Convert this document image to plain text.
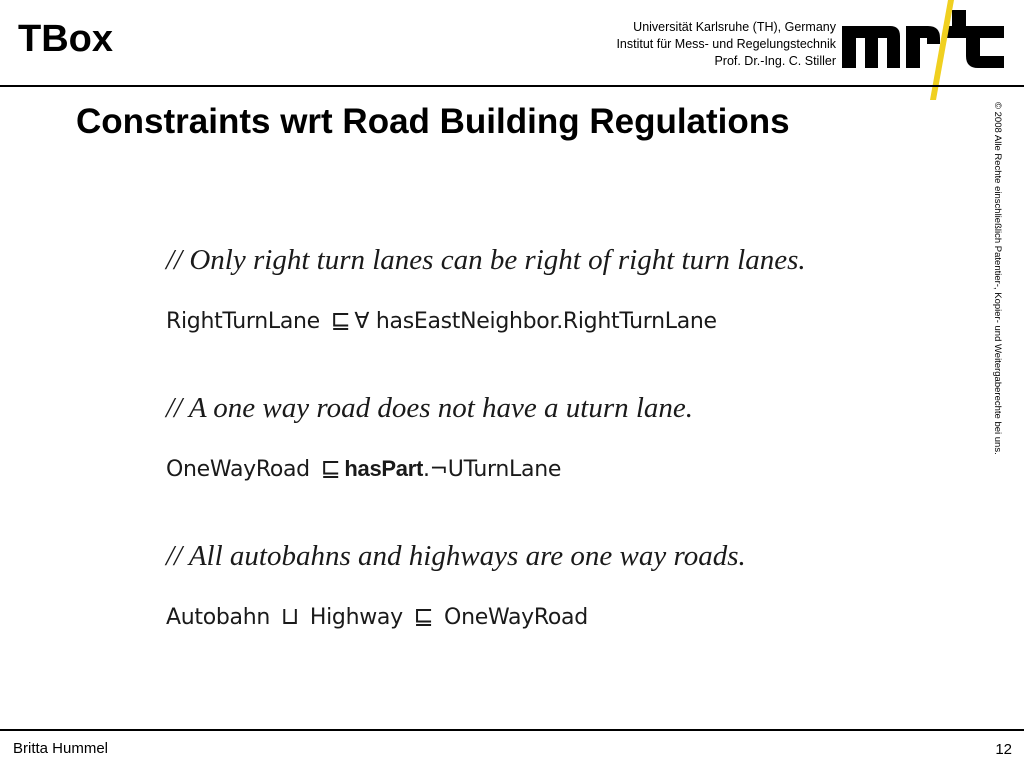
TBox	Universität Karlsruhe (TH), Germany
Institut für Mess- und Regelungstechnik
Prof. Dr.-Ing. C. Stiller
mrt
Constraints wrt Road Building Regulations	© 2008 Alle Rechte einschließlich Patentier-, Kopier- und Weitergaberechte bei uns.
// Only right turn lanes can be right of right turn lanes.
RightTurnLane ⊑ ∀ hasEastNeighbor.RightTurnLane
// A one way road does not have a uturn lane.
OneWayRoad ⊑ hasPart.¬UTurnLane
// All autobahns and highways are one way roads.
Autobahn ⊔ Highway ⊑ OneWayRoad
Britta Hummel	12
